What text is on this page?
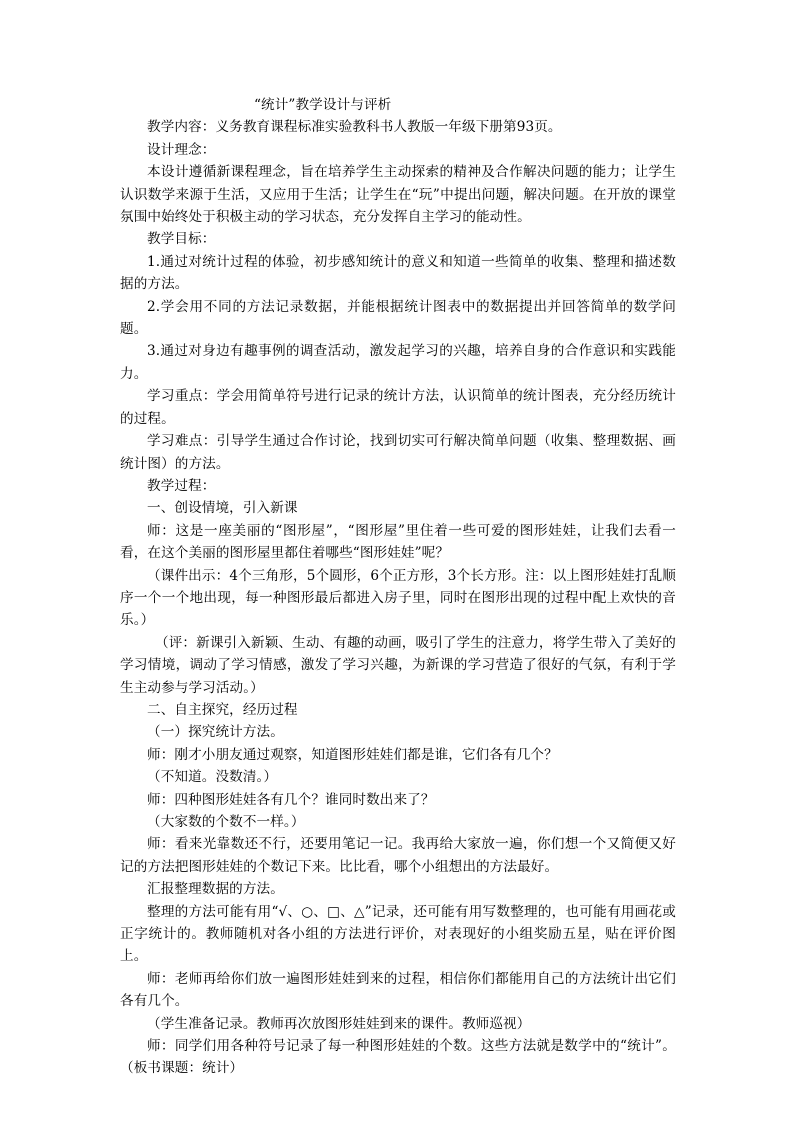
“统计”教学设计与评析

教学内容：义务教育课程标准实验教科书人教版一年级下册第93页。

设计理念：

本设计遵循新课程理念，旨在培养学生主动探索的精神及合作解决问题的能力；让学生认识数学来源于生活，又应用于生活；让学生在“玩”中提出问题，解决问题。在开放的课堂氛围中始终处于积极主动的学习状态，充分发挥自主学习的能动性。

教学目标：

1.通过对统计过程的体验，初步感知统计的意义和知道一些简单的收集、整理和描述数据的方法。

2.学会用不同的方法记录数据，并能根据统计图表中的数据提出并回答简单的数学问题。

3.通过对身边有趣事例的调查活动，激发起学习的兴趣，培养自身的合作意识和实践能力。

学习重点：学会用简单符号进行记录的统计方法，认识简单的统计图表，充分经历统计的过程。

学习难点：引导学生通过合作讨论，找到切实可行解决简单问题（收集、整理数据、画统计图）的方法。

教学过程：

一、创设情境，引入新课

师：这是一座美丽的“图形屋”，“图形屋”里住着一些可爱的图形娃娃，让我们去看一看，在这个美丽的图形屋里都住着哪些“图形娃娃”呢？

（课件出示：4个三角形，5个圆形，6个正方形，3个长方形。注：以上图形娃娃打乱顺序一个一个地出现，每一种图形最后都进入房子里，同时在图形出现的过程中配上欢快的音乐。）

（评：新课引入新颖、生动、有趣的动画，吸引了学生的注意力，将学生带入了美好的学习情境，调动了学习情感，激发了学习兴趣，为新课的学习营造了很好的气氛，有利于学生主动参与学习活动。）

二、自主探究，经历过程

（一）探究统计方法。

师：刚才小朋友通过观察，知道图形娃娃们都是谁，它们各有几个？

（不知道。没数清。）

师：四种图形娃娃各有几个？谁同时数出来了？

（大家数的个数不一样。）

师：看来光靠数还不行，还要用笔记一记。我再给大家放一遍，你们想一个又简便又好记的方法把图形娃娃的个数记下来。比比看，哪个小组想出的方法最好。

汇报整理数据的方法。

整理的方法可能有用“√、○、□、△”记录，还可能有用写数整理的，也可能有用画花或正字统计的。教师随机对各小组的方法进行评价，对表现好的小组奖励五星，贴在评价图上。

师：老师再给你们放一遍图形娃娃到来的过程，相信你们都能用自己的方法统计出它们各有几个。

（学生准备记录。教师再次放图形娃娃到来的课件。教师巡视）

师：同学们用各种符号记录了每一种图形娃娃的个数。这些方法就是数学中的“统计”。（板书课题：统计）
